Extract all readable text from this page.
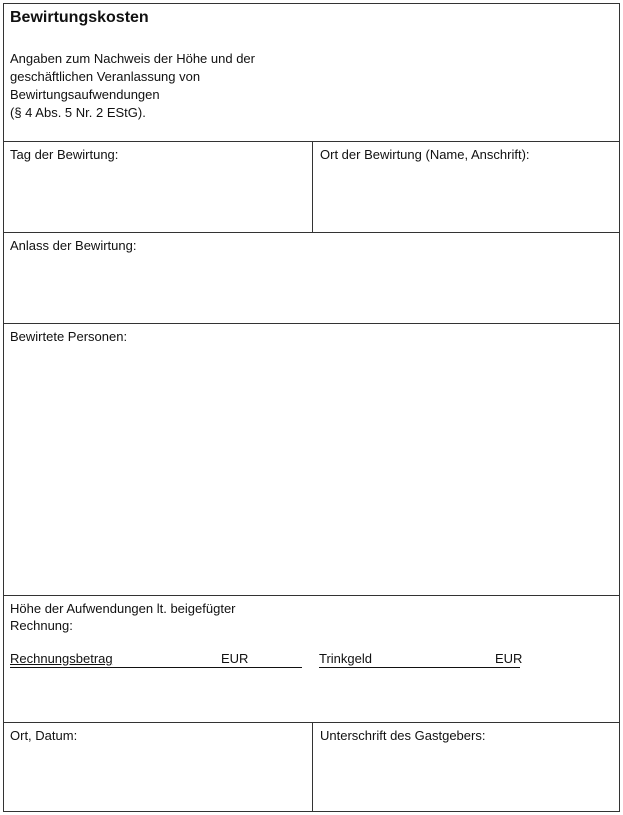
Bewirtungskosten
Angaben zum Nachweis der Höhe und der
geschäftlichen Veranlassung von
Bewirtungsaufwendungen
(§ 4 Abs. 5 Nr. 2 EStG).
Tag der Bewirtung:	Ort der Bewirtung (Name, Anschrift):
Anlass der Bewirtung:
Bewirtete Personen:
Höhe der Aufwendungen lt. beigefügter
Rechnung:
Rechnungsbetrag	EUR	Trinkgeld	EUR
Ort, Datum:	Unterschrift des Gastgebers:
